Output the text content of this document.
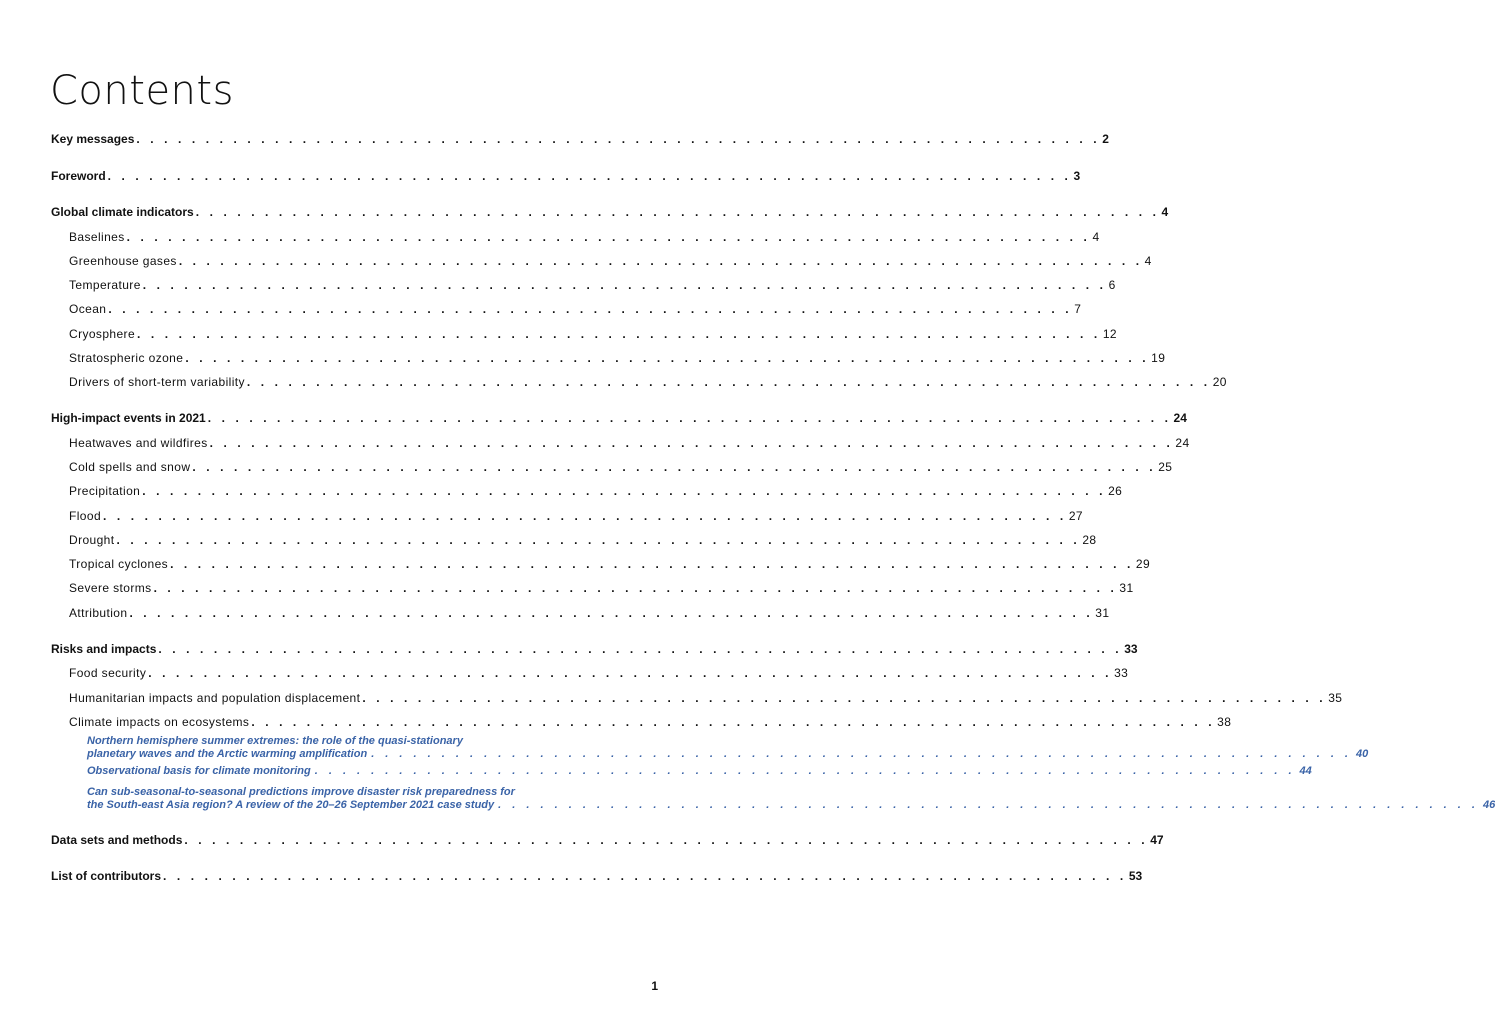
Contents
Key messages . . . . . . . . . . . . . . . . . . . . . . . . . . . . . . . . . . . . . . . . . . . . . . . . . . . . . . . . . . . . . . . . . . . . . . 2
Foreword . . . . . . . . . . . . . . . . . . . . . . . . . . . . . . . . . . . . . . . . . . . . . . . . . . . . . . . . . . . . . . . . . . . . . . 3
Global climate indicators . . . . . . . . . . . . . . . . . . . . . . . . . . . . . . . . . . . . . . . . . . . . . . . . . . . . . . . . . . . . . . . . . . . . . . 4
Baselines . . . . . . . . . . . . . . . . . . . . . . . . . . . . . . . . . . . . . . . . . . . . . . . . . . . . . . . . . . . . . . . . . . . . . . 4
Greenhouse gases . . . . . . . . . . . . . . . . . . . . . . . . . . . . . . . . . . . . . . . . . . . . . . . . . . . . . . . . . . . . . . . . . . . . . . 4
Temperature . . . . . . . . . . . . . . . . . . . . . . . . . . . . . . . . . . . . . . . . . . . . . . . . . . . . . . . . . . . . . . . . . . . . . . 6
Ocean . . . . . . . . . . . . . . . . . . . . . . . . . . . . . . . . . . . . . . . . . . . . . . . . . . . . . . . . . . . . . . . . . . . . . . 7
Cryosphere . . . . . . . . . . . . . . . . . . . . . . . . . . . . . . . . . . . . . . . . . . . . . . . . . . . . . . . . . . . . . . . . . . . . . . 12
Stratospheric ozone . . . . . . . . . . . . . . . . . . . . . . . . . . . . . . . . . . . . . . . . . . . . . . . . . . . . . . . . . . . . . . . . . . . . . . 19
Drivers of short-term variability . . . . . . . . . . . . . . . . . . . . . . . . . . . . . . . . . . . . . . . . . . . . . . . . . . . . . . . . . . . . . . . . . . . . . . 20
High-impact events in 2021 . . . . . . . . . . . . . . . . . . . . . . . . . . . . . . . . . . . . . . . . . . . . . . . . . . . . . . . . . . . . . . . . . . . . . . 24
Heatwaves and wildfires . . . . . . . . . . . . . . . . . . . . . . . . . . . . . . . . . . . . . . . . . . . . . . . . . . . . . . . . . . . . . . . . . . . . . . 24
Cold spells and snow . . . . . . . . . . . . . . . . . . . . . . . . . . . . . . . . . . . . . . . . . . . . . . . . . . . . . . . . . . . . . . . . . . . . . . 25
Precipitation . . . . . . . . . . . . . . . . . . . . . . . . . . . . . . . . . . . . . . . . . . . . . . . . . . . . . . . . . . . . . . . . . . . . . . 26
Flood . . . . . . . . . . . . . . . . . . . . . . . . . . . . . . . . . . . . . . . . . . . . . . . . . . . . . . . . . . . . . . . . . . . . . . 27
Drought . . . . . . . . . . . . . . . . . . . . . . . . . . . . . . . . . . . . . . . . . . . . . . . . . . . . . . . . . . . . . . . . . . . . . . 28
Tropical cyclones . . . . . . . . . . . . . . . . . . . . . . . . . . . . . . . . . . . . . . . . . . . . . . . . . . . . . . . . . . . . . . . . . . . . . . 29
Severe storms . . . . . . . . . . . . . . . . . . . . . . . . . . . . . . . . . . . . . . . . . . . . . . . . . . . . . . . . . . . . . . . . . . . . . . 31
Attribution . . . . . . . . . . . . . . . . . . . . . . . . . . . . . . . . . . . . . . . . . . . . . . . . . . . . . . . . . . . . . . . . . . . . . . 31
Risks and impacts . . . . . . . . . . . . . . . . . . . . . . . . . . . . . . . . . . . . . . . . . . . . . . . . . . . . . . . . . . . . . . . . . . . . . . 33
Food security . . . . . . . . . . . . . . . . . . . . . . . . . . . . . . . . . . . . . . . . . . . . . . . . . . . . . . . . . . . . . . . . . . . . . . 33
Humanitarian impacts and population displacement . . . . . . . . . . . . . . . . . . . . . . . . . . . . . . . . . . . . . . . . . . . . . . . . . . . . . . . . . . . . . . . . . . . . . . 35
Climate impacts on ecosystems . . . . . . . . . . . . . . . . . . . . . . . . . . . . . . . . . . . . . . . . . . . . . . . . . . . . . . . . . . . . . . . . . . . . . . 38
Data sets and methods . . . . . . . . . . . . . . . . . . . . . . . . . . . . . . . . . . . . . . . . . . . . . . . . . . . . . . . . . . . . . . . . . . . . . . 47
List of contributors . . . . . . . . . . . . . . . . . . . . . . . . . . . . . . . . . . . . . . . . . . . . . . . . . . . . . . . . . . . . . . . . . . . . . . 53
Northern hemisphere summer extremes: the role of the quasi-stationary
planetary waves and the Arctic warming amplification . . . . . . . . . . . . . . . . . . . . . . . . . . . . . . . . . . . . . . . . . . . . . . . . . . . . . . . . . . . . . . . . . . . . . . 40
Observational basis for climate monitoring . . . . . . . . . . . . . . . . . . . . . . . . . . . . . . . . . . . . . . . . . . . . . . . . . . . . . . . . . . . . . . . . . . . . . . 44
Can sub-seasonal-to-seasonal predictions improve disaster risk preparedness for
the South-east Asia region? A review of the 20–26 September 2021 case study . . . . . . . . . . . . . . . . . . . . . . . . . . . . . . . . . . . . . . . . . . . . . . . . . . . . . . . . . . . . . . . . . . . . . . 46
1
